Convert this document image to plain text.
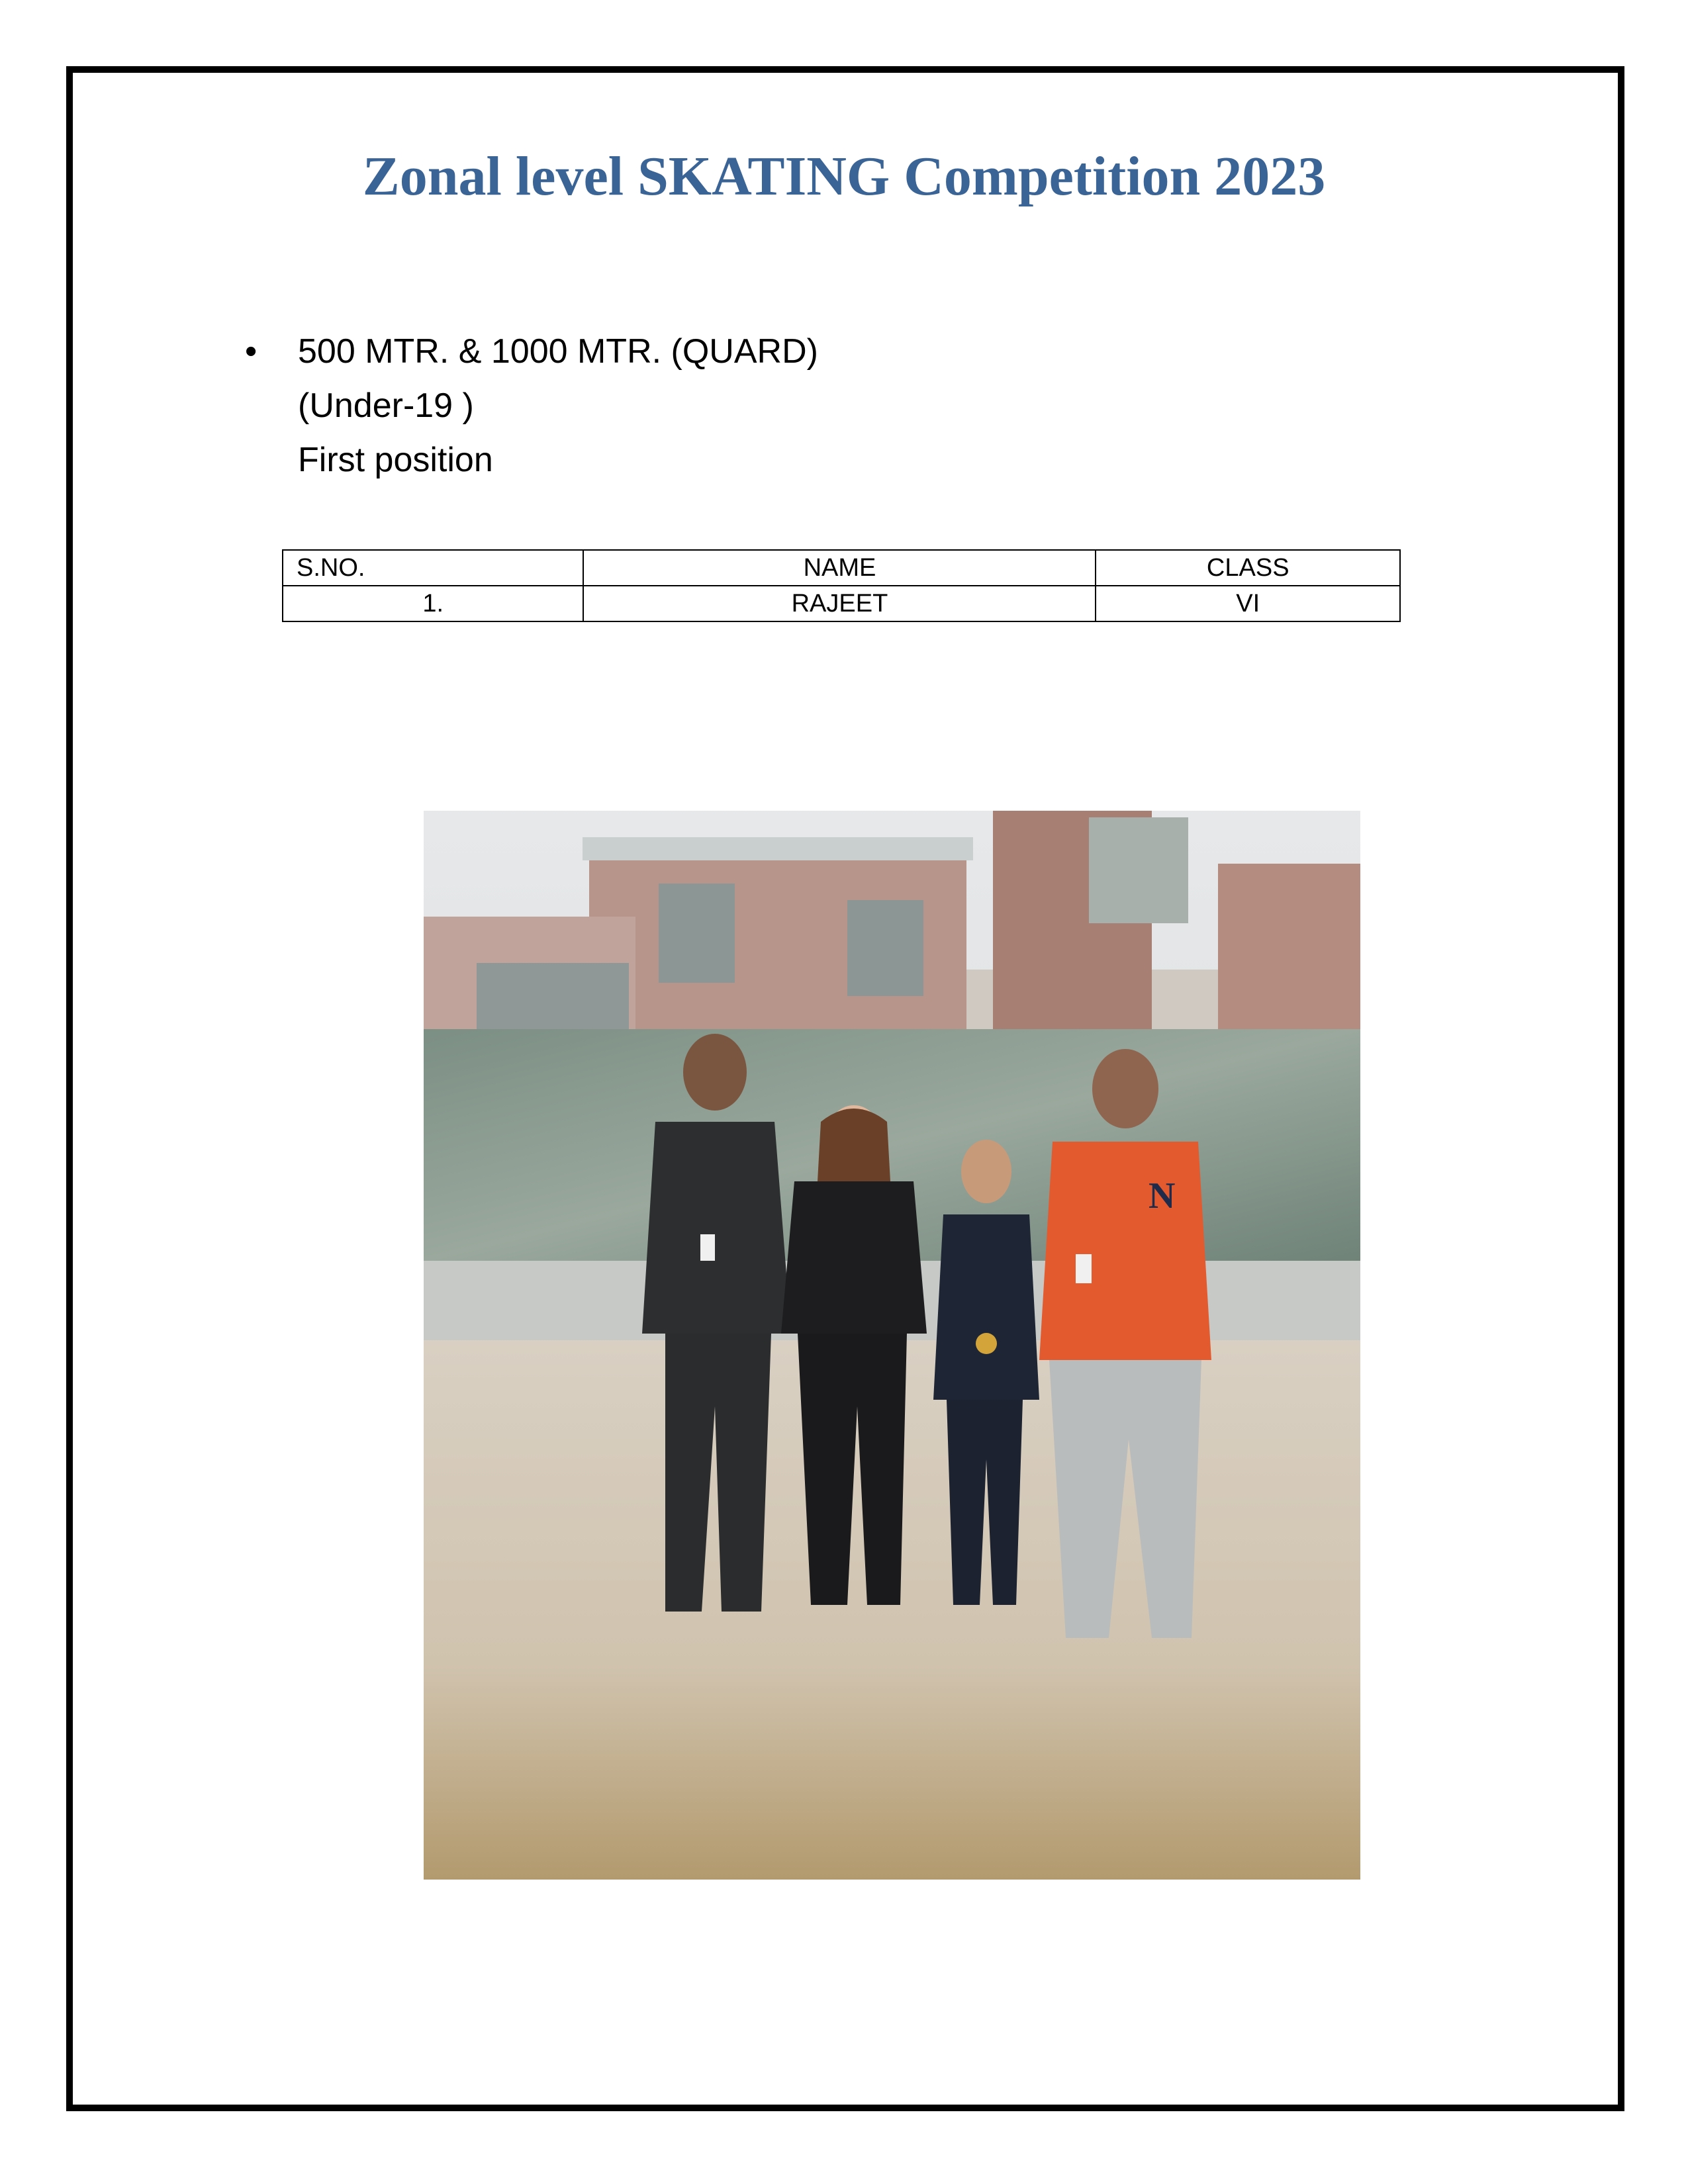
Zonal level SKATING Competition 2023
• 500 MTR. & 1000 MTR. (QUARD)
(Under-19 )
First position
S.NO.	NAME	CLASS
1.	RAJEET	VI
N
